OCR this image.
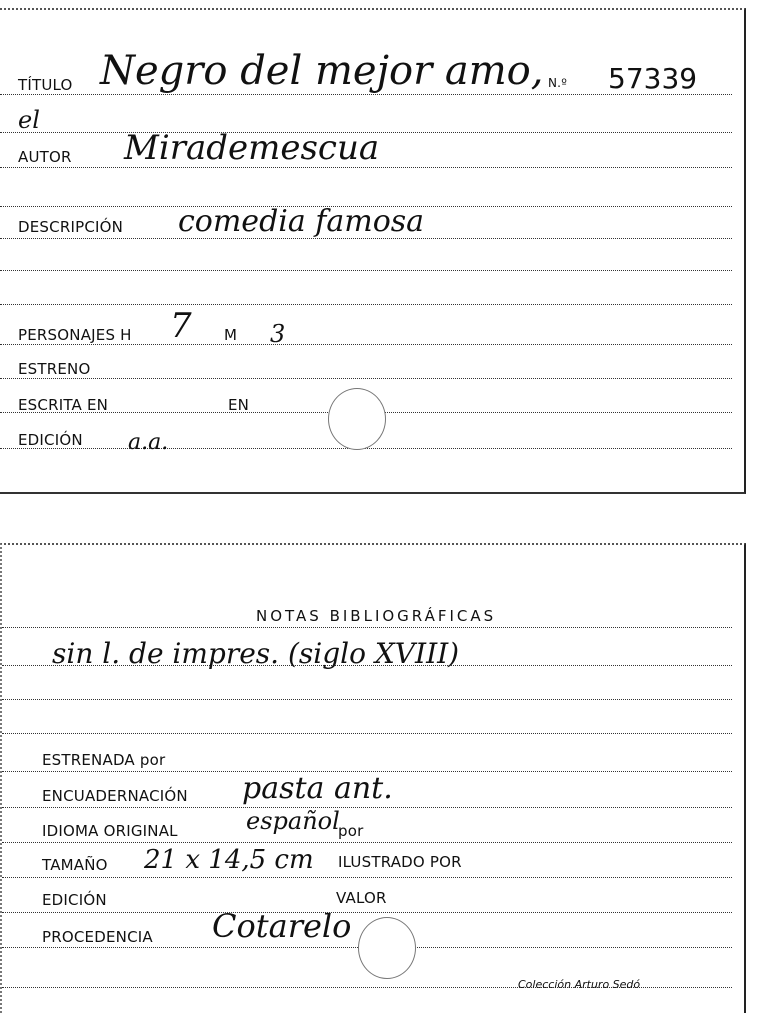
TÍTULO Negro del mejor amo, N.º 57339
el
AUTOR Mirademescua
DESCRIPCIÓN comedia famosa
PERSONAJES H 7 M 3
ESTRENO
ESCRITA EN	EN
EDICIÓN a.a.
NOTAS BIBLIOGRÁFICAS
sin l. de impres. (siglo XVIII)
ESTRENADA por
ENCUADERNACIÓN pasta ant.
IDIOMA ORIGINAL	español
por
TAMAÑO 21 x 14,5 cm ILUSTRADO POR
EDICIÓN	VALOR
PROCEDENCIA Cotarelo
Colección Arturo Sedó
